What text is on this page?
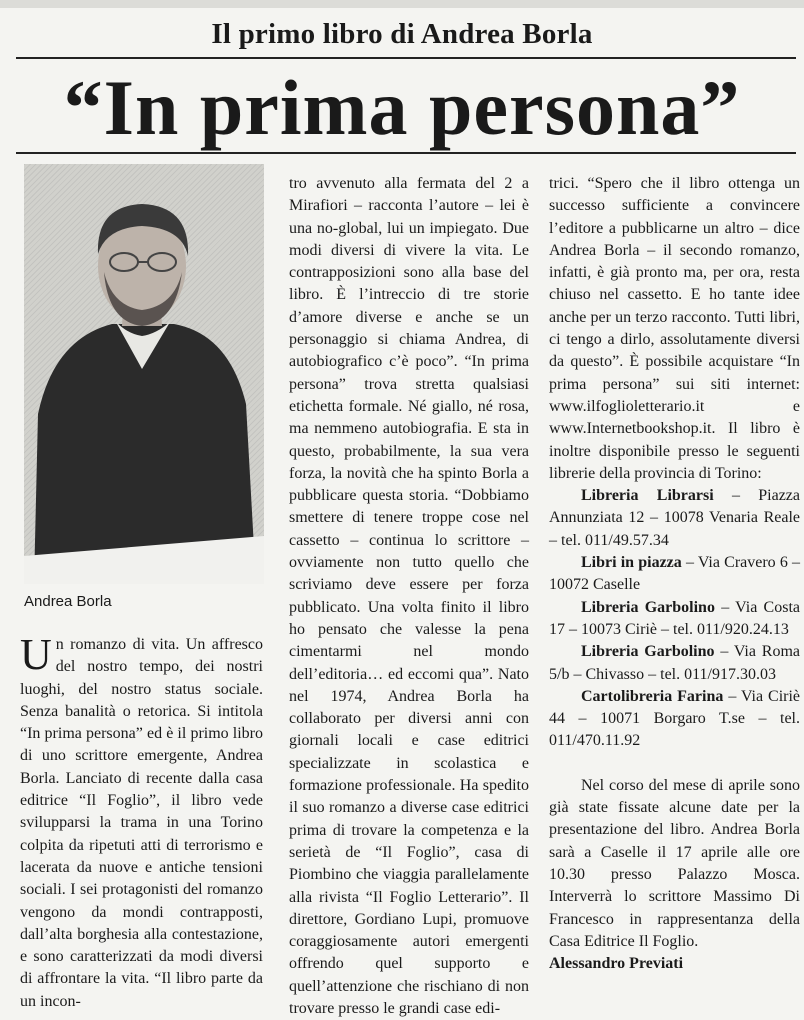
Il primo libro di Andrea Borla
“In prima persona”
Andrea Borla

Un romanzo di vita. Un affresco del nostro tempo, dei nostri luoghi, del nostro status sociale. Senza banalità o retorica. Si intitola “In prima persona” ed è il primo libro di uno scrittore emergente, Andrea Borla. Lanciato di recente dalla casa editrice “Il Foglio”, il libro vede svilupparsi la trama in una Torino colpita da ripetuti atti di terrorismo e lacerata da nuove e antiche tensioni sociali. I sei protagonisti del romanzo vengono da mondi contrapposti, dall’alta borghesia alla contestazione, e sono caratterizzati da modi diversi di affrontare la vita. “Il libro parte da un incon-

tro avvenuto alla fermata del 2 a Mirafiori – racconta l’autore – lei è una no-global, lui un impiegato. Due modi diversi di vivere la vita. Le contrapposizioni sono alla base del libro. È l’intreccio di tre storie d’amore diverse e anche se un personaggio si chiama Andrea, di autobiografico c’è poco”. “In prima persona” trova stretta qualsiasi etichetta formale. Né giallo, né rosa, ma nemmeno autobiografia. E sta in questo, probabilmente, la sua vera forza, la novità che ha spinto Borla a pubblicare questa storia. “Dobbiamo smettere di tenere troppe cose nel cassetto – continua lo scrittore – ovviamente non tutto quello che scriviamo deve essere per forza pubblicato. Una volta finito il libro ho pensato che valesse la pena cimentarmi nel mondo dell’editoria… ed eccomi qua”. Nato nel 1974, Andrea Borla ha collaborato per diversi anni con giornali locali e case editrici specializzate in scolastica e formazione professionale. Ha spedito il suo romanzo a diverse case editrici prima di trovare la competenza e la serietà de “Il Foglio”, casa di Piombino che viaggia parallelamente alla rivista “Il Foglio Letterario”. Il direttore, Gordiano Lupi, promuove coraggiosamente autori emergenti offrendo quel supporto e quell’attenzione che rischiano di non trovare presso le grandi case edi-

trici. “Spero che il libro ottenga un successo sufficiente a convincere l’editore a pubblicarne un altro – dice Andrea Borla – il secondo romanzo, infatti, è già pronto ma, per ora, resta chiuso nel cassetto. E ho tante idee anche per un terzo racconto. Tutti libri, ci tengo a dirlo, assolutamente diversi da questo”. È possibile acquistare “In prima persona” sui siti internet: www.ilfoglioletterario.it e www.Internetbookshop.it. Il libro è inoltre disponibile presso le seguenti librerie della provincia di Torino:

Libreria Librarsi – Piazza Annunziata 12 – 10078 Venaria Reale – tel. 011/49.57.34

Libri in piazza – Via Cravero 6 – 10072 Caselle

Libreria Garbolino – Via Costa 17 – 10073 Ciriè – tel. 011/920.24.13

Libreria Garbolino – Via Roma 5/b – Chivasso – tel. 011/917.30.03

Cartolibreria Farina – Via Ciriè 44 – 10071 Borgaro T.se – tel. 011/470.11.92

Nel corso del mese di aprile sono già state fissate alcune date per la presentazione del libro. Andrea Borla sarà a Caselle il 17 aprile alle ore 10.30 presso Palazzo Mosca. Interverrà lo scrittore Massimo Di Francesco in rappresentanza della Casa Editrice Il Foglio.

Alessandro Previati
